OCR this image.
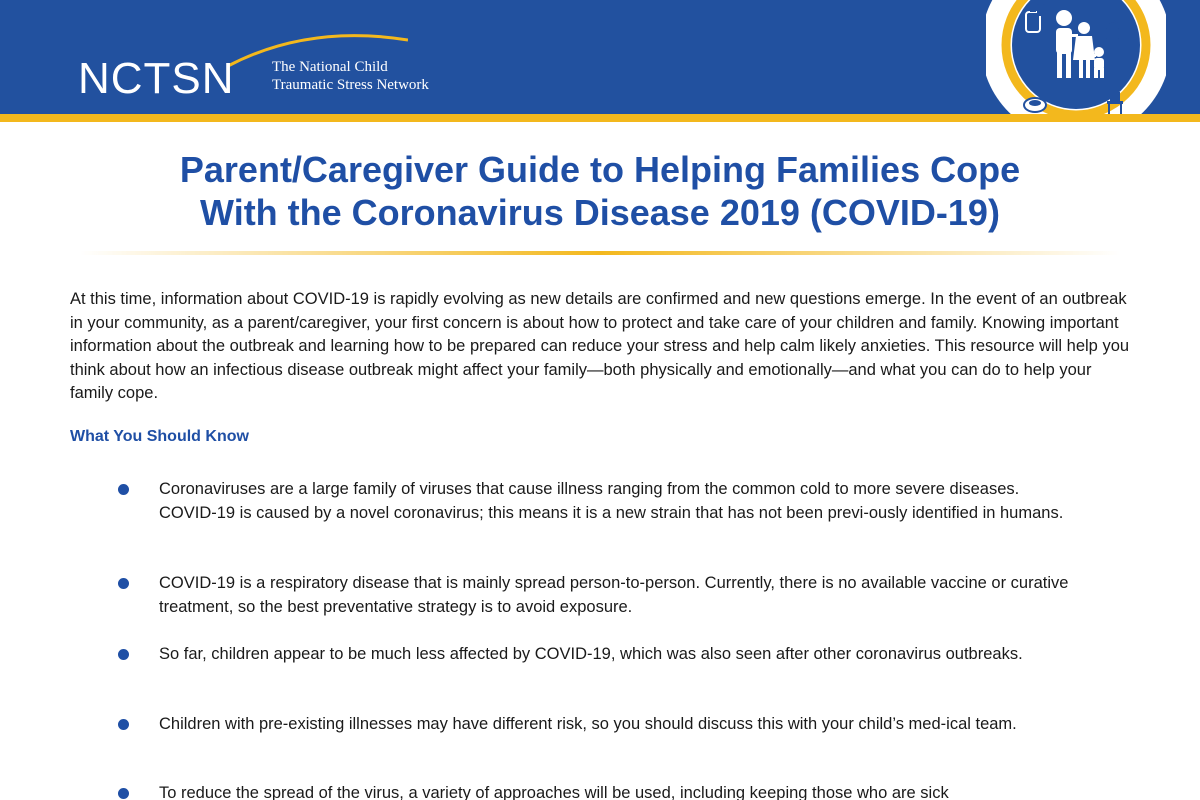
NCTSN The National Child
Traumatic Stress Network
Parent/Caregiver Guide to Helping Families Cope
With the Coronavirus Disease 2019 (COVID-19)

At this time, information about COVID-19 is rapidly evolving as new details are confirmed and new questions emerge. In the event of an outbreak in your community, as a parent/caregiver, your first concern is about how to protect and take care of your children and family. Knowing important information about the outbreak and learning how to be prepared can reduce your stress and help calm likely anxieties. This resource will help you think about how an infectious disease outbreak might affect your family—both physically and emotionally—and what you can do to help your family cope.

What You Should Know

Coronaviruses are a large family of viruses that cause illness ranging from the common cold to more severe diseases. COVID-19 is caused by a novel coronavirus; this means it is a new strain that has not been previ-ously identified in humans.

COVID-19 is a respiratory disease that is mainly spread person-to-person. Currently, there is no available vaccine or curative treatment, so the best preventative strategy is to avoid exposure.

So far, children appear to be much less affected by COVID-19, which was also seen after other coronavirus outbreaks.

Children with pre-existing illnesses may have different risk, so you should discuss this with your child’s med-ical team.

To reduce the spread of the virus, a variety of approaches will be used, including keeping those who are sick
